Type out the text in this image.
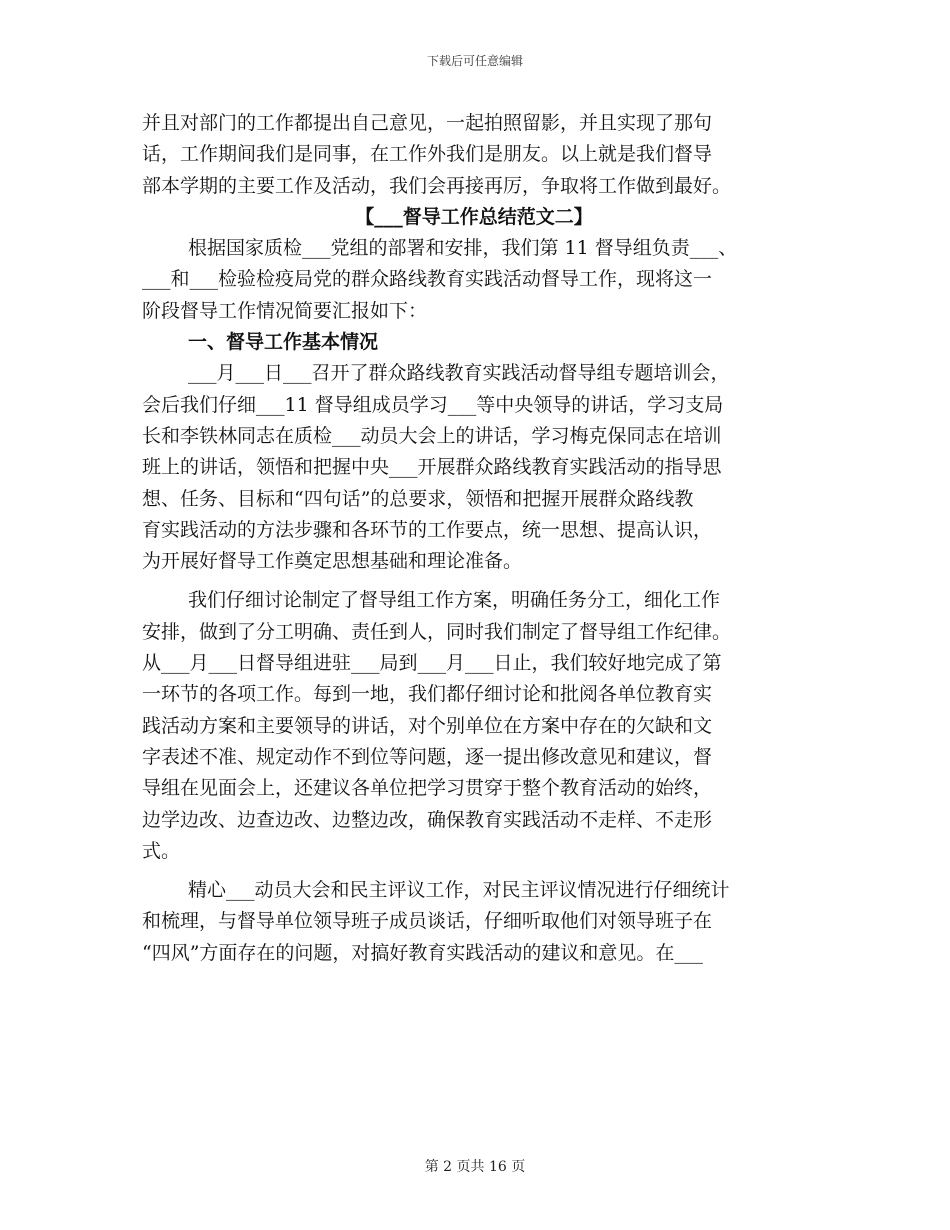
下载后可任意编辑
并且对部门的工作都提出自己意见，一起拍照留影，并且实现了那句
话，工作期间我们是同事，在工作外我们是朋友。以上就是我们督导
部本学期的主要工作及活动，我们会再接再厉，争取将工作做到最好。
【___督导工作总结范文二】
根据国家质检___党组的部署和安排，我们第 11 督导组负责___、
___和___检验检疫局党的群众路线教育实践活动督导工作，现将这一
阶段督导工作情况简要汇报如下：
一、督导工作基本情况
___月___日___召开了群众路线教育实践活动督导组专题培训会，
会后我们仔细___11 督导组成员学习___等中央领导的讲话，学习支局
长和李铁林同志在质检___动员大会上的讲话，学习梅克保同志在培训
班上的讲话，领悟和把握中央___开展群众路线教育实践活动的指导思
想、任务、目标和“四句话”的总要求，领悟和把握开展群众路线教
育实践活动的方法步骤和各环节的工作要点，统一思想、提高认识，
为开展好督导工作奠定思想基础和理论准备。
我们仔细讨论制定了督导组工作方案，明确任务分工，细化工作
安排，做到了分工明确、责任到人，同时我们制定了督导组工作纪律。
从___月___日督导组进驻___局到___月___日止，我们较好地完成了第
一环节的各项工作。每到一地，我们都仔细讨论和批阅各单位教育实
践活动方案和主要领导的讲话，对个别单位在方案中存在的欠缺和文
字表述不准、规定动作不到位等问题，逐一提出修改意见和建议，督
导组在见面会上，还建议各单位把学习贯穿于整个教育活动的始终，
边学边改、边查边改、边整边改，确保教育实践活动不走样、不走形
式。
精心___动员大会和民主评议工作，对民主评议情况进行仔细统计
和梳理，与督导单位领导班子成员谈话，仔细听取他们对领导班子在
“四风”方面存在的问题，对搞好教育实践活动的建议和意见。在___
第 2 页共 16 页
